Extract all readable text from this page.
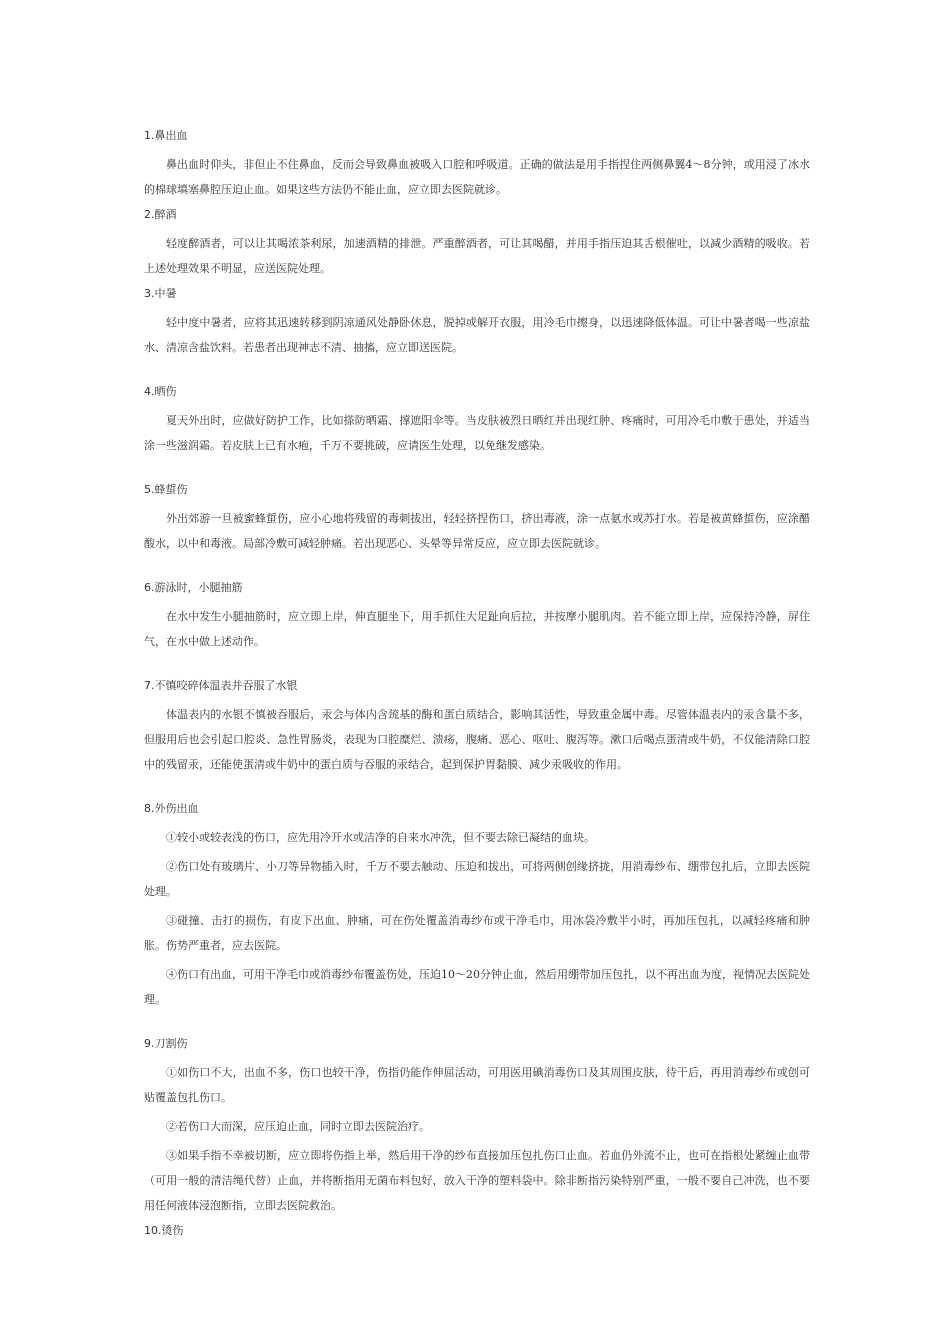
1.鼻出血

鼻出血时仰头，非但止不住鼻血，反而会导致鼻血被吸入口腔和呼吸道。正确的做法是用手指捏住两侧鼻翼4～8分钟，或用浸了冰水的棉球填塞鼻腔压迫止血。如果这些方法仍不能止血，应立即去医院就诊。

2.醉酒

轻度醉酒者，可以让其喝浓茶利尿，加速酒精的排泄。严重醉酒者，可让其喝醋，并用手指压迫其舌根催吐，以减少酒精的吸收。若上述处理效果不明显，应送医院处理。

3.中暑

轻中度中暑者，应将其迅速转移到阴凉通风处静卧休息，脱掉或解开衣服，用冷毛巾擦身，以迅速降低体温。可让中暑者喝一些凉盐水、清凉含盐饮料。若患者出现神志不清、抽搐，应立即送医院。

4.晒伤

夏天外出时，应做好防护工作，比如搽防晒霜、撑遮阳伞等。当皮肤被烈日晒红并出现红肿、疼痛时，可用冷毛巾敷于患处，并适当涂一些滋润霜。若皮肤上已有水疱，千万不要挑破，应请医生处理，以免继发感染。

5.蜂蜇伤

外出郊游一旦被蜜蜂蜇伤，应小心地将残留的毒刺拔出，轻轻挤捏伤口，挤出毒液，涂一点氨水或苏打水。若是被黄蜂蜇伤，应涂醋酸水，以中和毒液。局部冷敷可减轻肿痛。若出现恶心、头晕等异常反应，应立即去医院就诊。

6.游泳时，小腿抽筋

在水中发生小腿抽筋时，应立即上岸，伸直腿坐下，用手抓住大足趾向后拉，并按摩小腿肌肉。若不能立即上岸，应保持冷静，屏住气，在水中做上述动作。

7.不慎咬碎体温表并吞服了水银

体温表内的水银不慎被吞服后，汞会与体内含巯基的酶和蛋白质结合，影响其活性，导致重金属中毒。尽管体温表内的汞含量不多，但服用后也会引起口腔炎、急性胃肠炎，表现为口腔糜烂、溃疡，腹痛、恶心、呕吐、腹泻等。漱口后喝点蛋清或牛奶，不仅能清除口腔中的残留汞，还能使蛋清或牛奶中的蛋白质与吞服的汞结合，起到保护胃黏膜、减少汞吸收的作用。

8.外伤出血

①较小或较表浅的伤口，应先用冷开水或洁净的自来水冲洗，但不要去除已凝结的血块。

②伤口处有玻璃片、小刀等异物插入时，千万不要去触动、压迫和拔出，可将两侧创缘挤拢，用消毒纱布、绷带包扎后，立即去医院处理。

③碰撞、击打的损伤，有皮下出血、肿痛，可在伤处覆盖消毒纱布或干净毛巾，用冰袋冷敷半小时，再加压包扎，以减轻疼痛和肿胀。伤势严重者，应去医院。

④伤口有出血，可用干净毛巾或消毒纱布覆盖伤处，压迫10～20分钟止血，然后用绷带加压包扎，以不再出血为度，视情况去医院处理。

9.刀割伤

①如伤口不大，出血不多，伤口也较干净，伤指仍能作伸屈活动，可用医用碘消毒伤口及其周围皮肤，待干后，再用消毒纱布或创可贴覆盖包扎伤口。

②若伤口大而深，应压迫止血，同时立即去医院治疗。

③如果手指不幸被切断，应立即将伤指上举，然后用干净的纱布直接加压包扎伤口止血。若血仍外流不止，也可在指根处紧缠止血带（可用一般的清洁绳代替）止血，并将断指用无菌布料包好，放入干净的塑料袋中。除非断指污染特别严重，一般不要自己冲洗，也不要用任何液体浸泡断指，立即去医院救治。

10.烫伤
